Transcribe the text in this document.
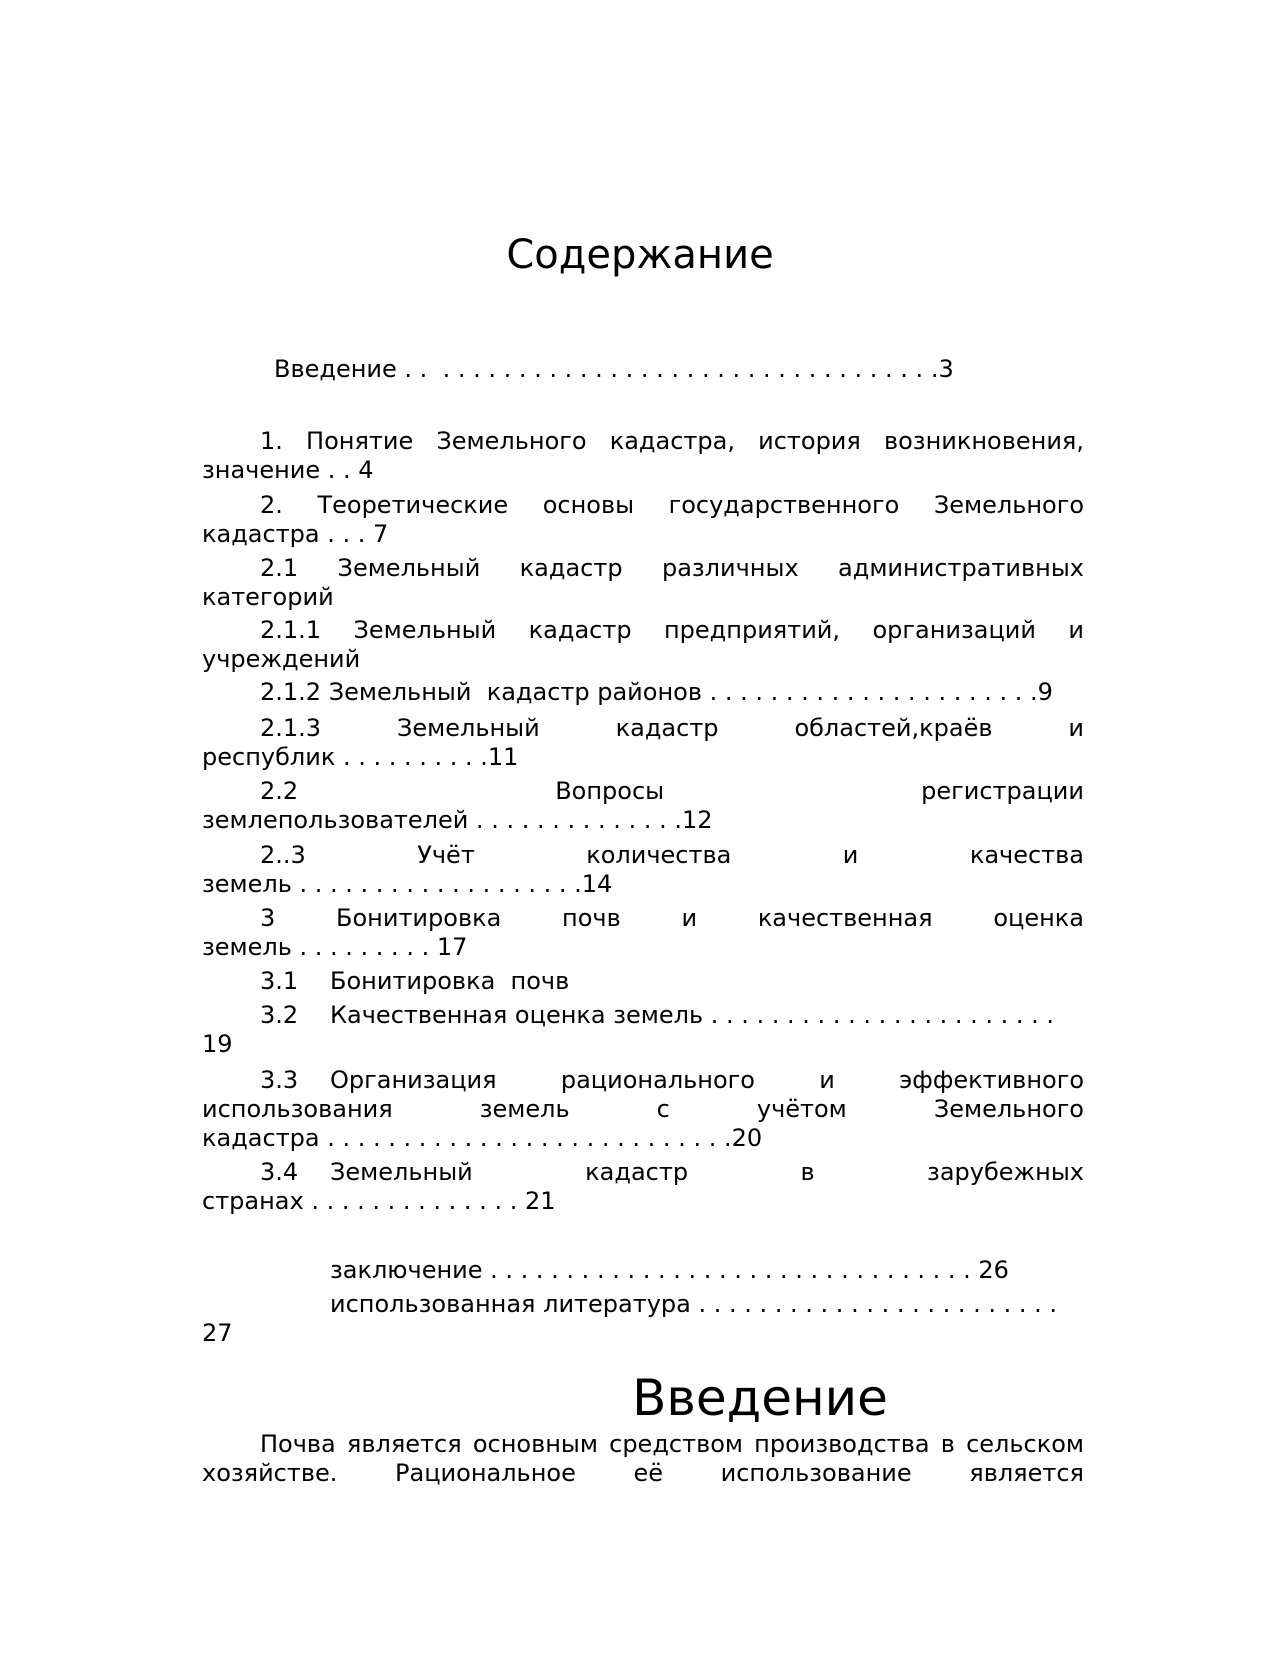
Содержание

Введение . .  . . . . . . . . . . . . . . . . . . . . . . . . . . . . . . . . .3

1. Понятие Земельного кадастра, история возникновения,
значение . . 4

2. Теоретические основы государственного Земельного
кадастра . . . 7

2.1 Земельный кадастр различных административных
категорий

2.1.1 Земельный кадастр предприятий, организаций и
учреждений

2.1.2 Земельный  кадастр районов . . . . . . . . . . . . . . . . . . . . . .9

2.1.3 Земельный кадастр областей,краёв и
республик . . . . . . . . . .11

2.2 Вопросы регистрации
землепользователей . . . . . . . . . . . . . .12

2..3 Учёт количества и качества
земель . . . . . . . . . . . . . . . . . . .14

3 Бонитировка почв и качественная оценка
земель . . . . . . . . . 17

3.1 Бонитировка  почв

3.2 Качественная оценка земель . . . . . . . . . . . . . . . . . . . . . . .
19

3.3 Организация рационального и эффективного
использования земель с учётом Земельного
кадастра . . . . . . . . . . . . . . . . . . . . . . . . . . .20

3.4 Земельный кадастр в зарубежных
странах . . . . . . . . . . . . . . 21

заключение . . . . . . . . . . . . . . . . . . . . . . . . . . . . . . . . 26

использованная литература . . . . . . . . . . . . . . . . . . . . . . . .
27

Введение

Почва является основным средством производства в сельском хозяйстве. Рациональное её использование является
